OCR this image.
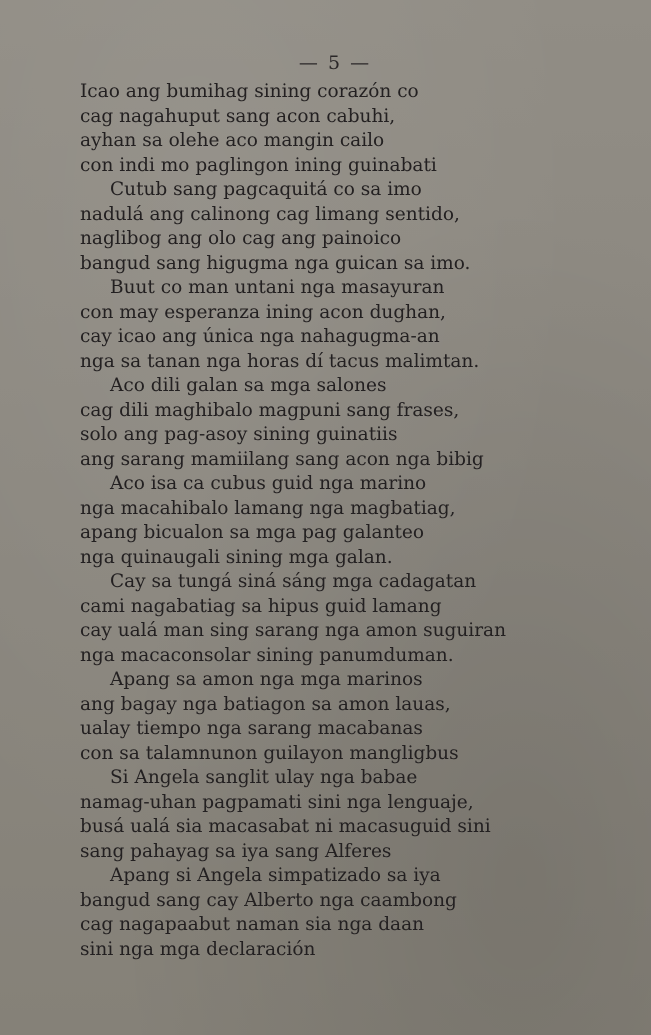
— 5 —
Icao ang bumihag sining corazón co
cag nagahuput sang acon cabuhi,
ayhan sa olehe aco mangin cailo
con indi mo paglingon ining guinabati
Cutub sang pagcaquitá co sa imo
nadulá ang calinong cag limang sentido,
naglibog ang olo cag ang painoico
bangud sang higugma nga guican sa imo.
Buut co man untani nga masayuran
con may esperanza ining acon dughan,
cay icao ang única nga nahagugma-an
nga sa tanan nga horas dí tacus malimtan.
Aco dili galan sa mga salones
cag dili maghibalo magpuni sang frases,
solo ang pag-asoy sining guinatiis
ang sarang mamiilang sang acon nga bibig
Aco isa ca cubus guid nga marino
nga macahibalo lamang nga magbatiag,
apang bicualon sa mga pag galanteo
nga quinaugali sining mga galan.
Cay sa tungá siná sáng mga cadagatan
cami nagabatiag sa hipus guid lamang
cay ualá man sing sarang nga amon suguiran
nga macaconsolar sining panumduman.
Apang sa amon nga mga marinos
ang bagay nga batiagon sa amon lauas,
ualay tiempo nga sarang macabanas
con sa talamnunon guilayon mangligbus
Si Angela sanglit ulay nga babae
namag-uhan pagpamati sini nga lenguaje,
busá ualá sia macasabat ni macasuguid sini
sang pahayag sa iya sang Alferes
Apang si Angela simpatizado sa iya
bangud sang cay Alberto nga caambong
cag nagapaabut naman sia nga daan
sini nga mga declaración
